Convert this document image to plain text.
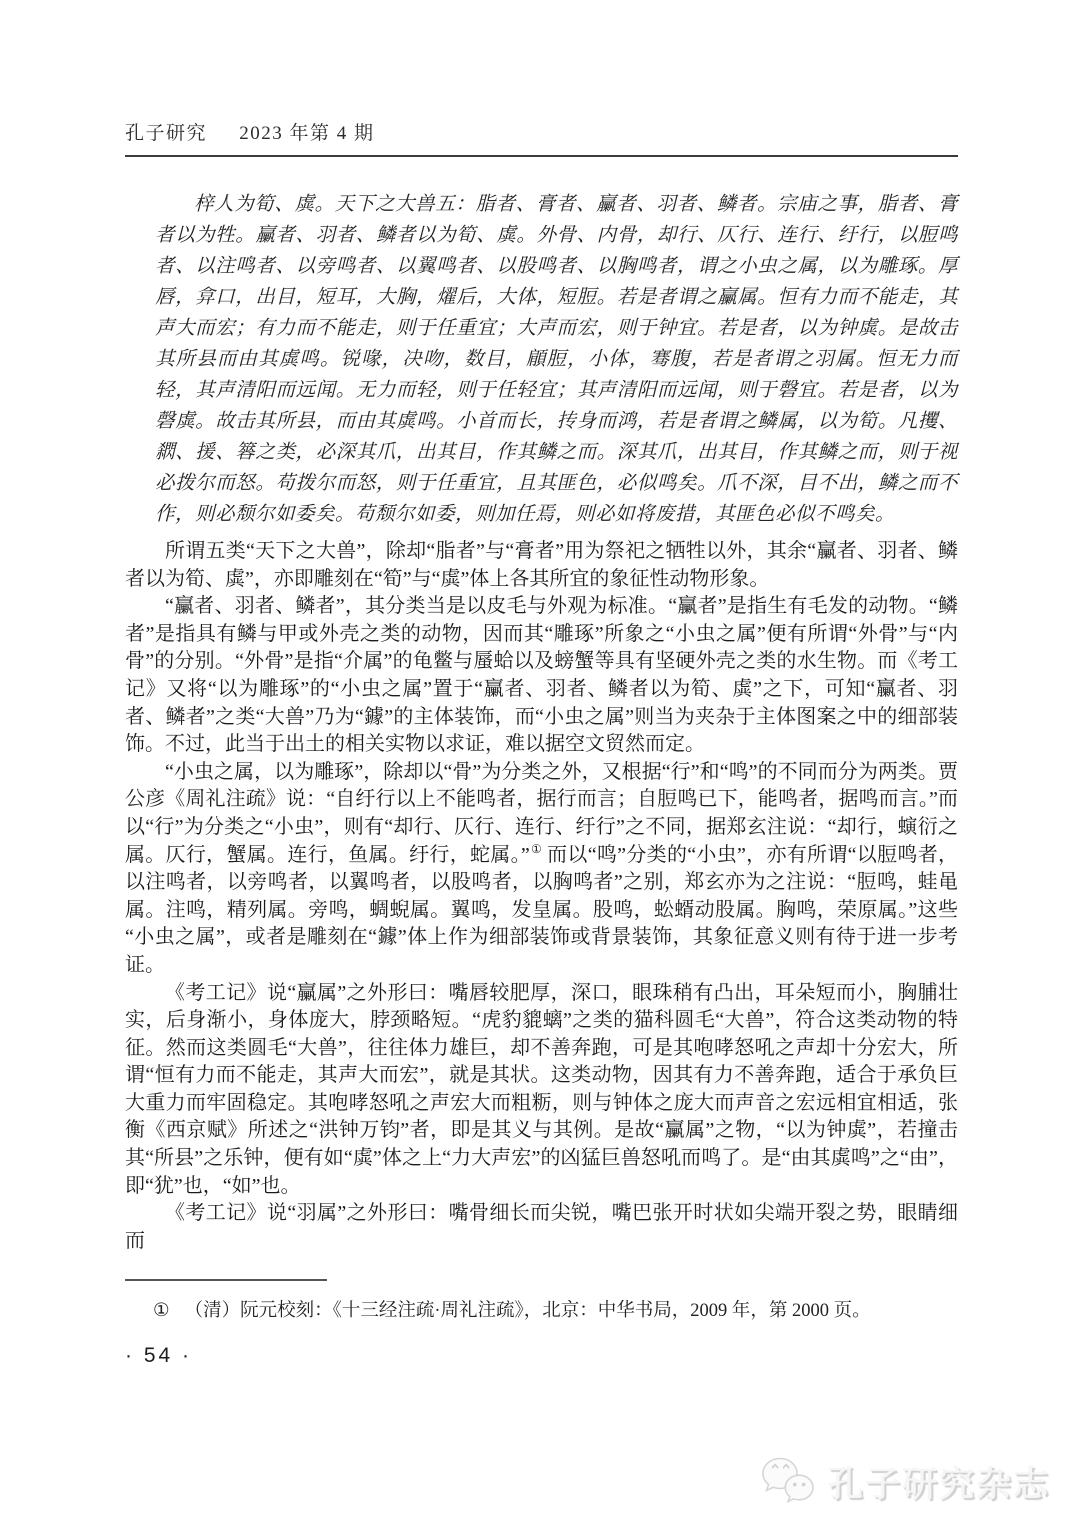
孔子研究 2023 年第 4 期
梓人为筍、虡。天下之大兽五：脂者、膏者、臝者、羽者、鳞者。宗庙之事，脂者、膏者以为牲。臝者、羽者、鳞者以为筍、虡。外骨、内骨，却行、仄行、连行、纡行，以脰鸣者、以注鸣者、以旁鸣者、以翼鸣者、以股鸣者、以胸鸣者，谓之小虫之属，以为雕琢。厚唇，弇口，出目，短耳，大胸，燿后，大体，短脰。若是者谓之臝属。恒有力而不能走，其声大而宏；有力而不能走，则于任重宜；大声而宏，则于钟宜。若是者，以为钟虡。是故击其所县而由其虡鸣。锐喙，决吻，数目，顅脰，小体，骞腹，若是者谓之羽属。恒无力而轻，其声清阳而远闻。无力而轻，则于任轻宜；其声清阳而远闻，则于磬宜。若是者，以为磬虡。故击其所县，而由其虡鸣。小首而长，抟身而鸿，若是者谓之鳞属，以为筍。凡攫、閷、援、簭之类，必深其爪，出其目，作其鳞之而。深其爪，出其目，作其鳞之而，则于视必拨尔而怒。苟拨尔而怒，则于任重宜，且其匪色，必似鸣矣。爪不深，目不出，鳞之而不作，则必颓尔如委矣。苟颓尔如委，则加任焉，则必如将废措，其匪色必似不鸣矣。

所谓五类“天下之大兽”，除却“脂者”与“膏者”用为祭祀之牺牲以外，其余“臝者、羽者、鳞者以为筍、虡”，亦即雕刻在“筍”与“虡”体上各其所宜的象征性动物形象。

“臝者、羽者、鳞者”，其分类当是以皮毛与外观为标准。“臝者”是指生有毛发的动物。“鳞者”是指具有鳞与甲或外壳之类的动物，因而其“雕琢”所象之“小虫之属”便有所谓“外骨”与“内骨”的分别。“外骨”是指“介属”的龟鳖与蜃蛤以及螃蟹等具有坚硬外壳之类的水生物。而《考工记》又将“以为雕琢”的“小虫之属”置于“臝者、羽者、鳞者以为筍、虡”之下，可知“臝者、羽者、鳞者”之类“大兽”乃为“鐻”的主体装饰，而“小虫之属”则当为夹杂于主体图案之中的细部装饰。不过，此当于出土的相关实物以求证，难以据空文贸然而定。

“小虫之属，以为雕琢”，除却以“骨”为分类之外，又根据“行”和“鸣”的不同而分为两类。贾公彦《周礼注疏》说：“自纡行以上不能鸣者，据行而言；自脰鸣已下，能鸣者，据鸣而言。”而以“行”为分类之“小虫”，则有“却行、仄行、连行、纡行”之不同，据郑玄注说：“却行，螾衍之属。仄行，蟹属。连行，鱼属。纡行，蛇属。”① 而以“鸣”分类的“小虫”，亦有所谓“以脰鸣者，以注鸣者，以旁鸣者，以翼鸣者，以股鸣者，以胸鸣者”之别，郑玄亦为之注说：“脰鸣，蛙黾属。注鸣，精列属。旁鸣，蜩蜺属。翼鸣，发皇属。股鸣，蚣蝑动股属。胸鸣，荣原属。”这些“小虫之属”，或者是雕刻在“鐻”体上作为细部装饰或背景装饰，其象征意义则有待于进一步考证。

《考工记》说“臝属”之外形曰：嘴唇较肥厚，深口，眼珠稍有凸出，耳朵短而小，胸脯壮实，后身渐小，身体庞大，脖颈略短。“虎豹貔螭”之类的猫科圆毛“大兽”，符合这类动物的特征。然而这类圆毛“大兽”，往往体力雄巨，却不善奔跑，可是其咆哮怒吼之声却十分宏大，所谓“恒有力而不能走，其声大而宏”，就是其状。这类动物，因其有力不善奔跑，适合于承负巨大重力而牢固稳定。其咆哮怒吼之声宏大而粗粝，则与钟体之庞大而声音之宏远相宜相适，张衡《西京赋》所述之“洪钟万钧”者，即是其义与其例。是故“臝属”之物，“以为钟虡”，若撞击其“所县”之乐钟，便有如“虡”体之上“力大声宏”的凶猛巨兽怒吼而鸣了。是“由其虡鸣”之“由”，即“犹”也，“如”也。

《考工记》说“羽属”之外形曰：嘴骨细长而尖锐，嘴巴张开时状如尖端开裂之势，眼睛细而

① （清）阮元校刻：《十三经注疏·周礼注疏》，北京：中华书局，2009 年，第 2000 页。

· 54 ·
孔子研究杂志
